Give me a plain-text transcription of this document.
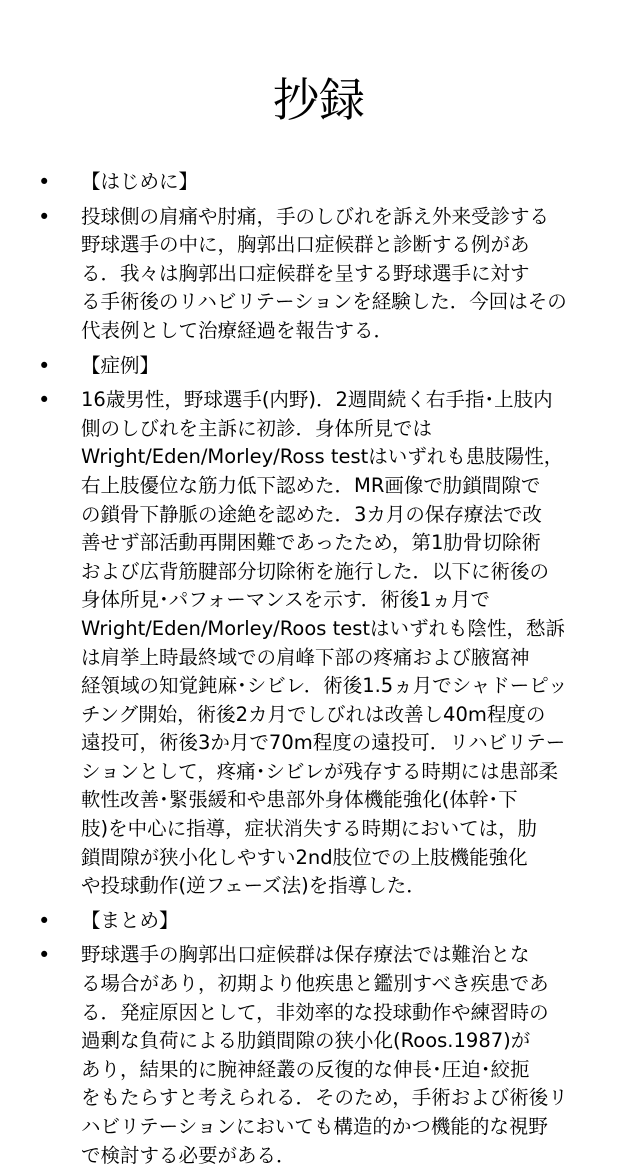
抄録
• 【はじめに】
• 投球側の肩痛や肘痛，手のしびれを訴え外来受診する
野球選手の中に，胸郭出口症候群と診断する例があ
る．我々は胸郭出口症候群を呈する野球選手に対す
る手術後のリハビリテーションを経験した．今回はその
代表例として治療経過を報告する．
• 【症例】
• 16歳男性，野球選手(内野)．2週間続く右手指･上肢内
側のしびれを主訴に初診．身体所見では
Wright/Eden/Morley/Ross testはいずれも患肢陽性，
右上肢優位な筋力低下認めた．MR画像で肋鎖間隙で
の鎖骨下静脈の途絶を認めた．3カ月の保存療法で改
善せず部活動再開困難であったため，第1肋骨切除術
および広背筋腱部分切除術を施行した．以下に術後の
身体所見･パフォーマンスを示す．術後1ヵ月で
Wright/Eden/Morley/Roos testはいずれも陰性，愁訴
は肩挙上時最終域での肩峰下部の疼痛および腋窩神
経領域の知覚鈍麻･シビレ．術後1.5ヵ月でシャドーピッ
チング開始，術後2カ月でしびれは改善し40m程度の
遠投可，術後3か月で70m程度の遠投可．リハビリテー
ションとして，疼痛･シビレが残存する時期には患部柔
軟性改善･緊張緩和や患部外身体機能強化(体幹･下
肢)を中心に指導，症状消失する時期においては，肋
鎖間隙が狭小化しやすい2nd肢位での上肢機能強化
や投球動作(逆フェーズ法)を指導した．
• 【まとめ】
• 野球選手の胸郭出口症候群は保存療法では難治とな
る場合があり，初期より他疾患と鑑別すべき疾患であ
る．発症原因として，非効率的な投球動作や練習時の
過剰な負荷による肋鎖間隙の狭小化(Roos.1987)が
あり，結果的に腕神経叢の反復的な伸長･圧迫･絞扼
をもたらすと考えられる．そのため，手術および術後リ
ハビリテーションにおいても構造的かつ機能的な視野
で検討する必要がある．
